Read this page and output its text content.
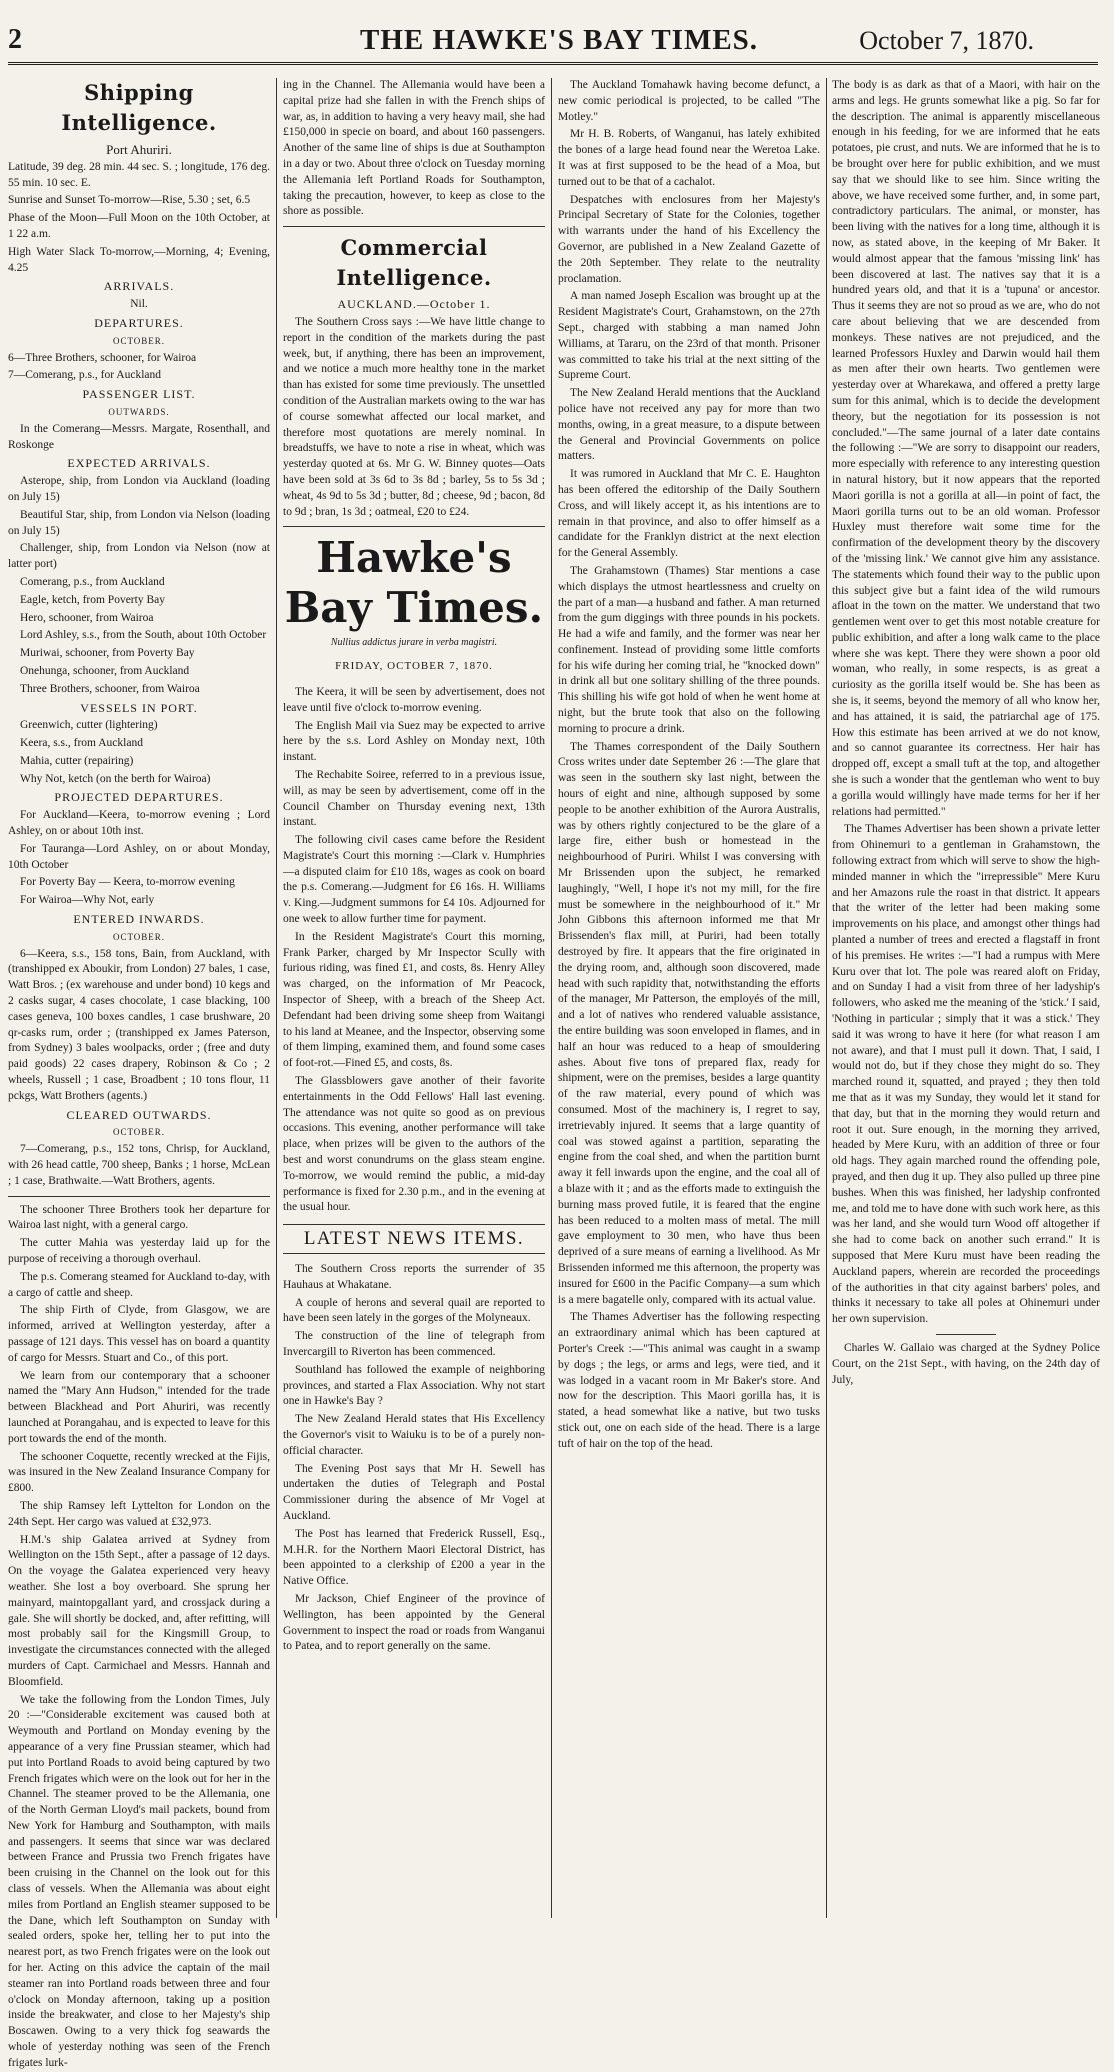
2	THE HAWKE'S BAY TIMES.	October 7, 1870.
Shipping Intelligence.
Port Ahuriri.

Latitude, 39 deg. 28 min. 44 sec. S. ; longitude, 176 deg. 55 min. 10 sec. E.

Sunrise and Sunset To-morrow—Rise, 5.30 ; set, 6.5

Phase of the Moon—Full Moon on the 10th October, at 1 22 a.m.

High Water Slack To-morrow,—Morning, 4; Evening, 4.25

ARRIVALS.
Nil.
DEPARTURES.
OCTOBER.

6—Three Brothers, schooner, for Wairoa

7—Comerang, p.s., for Auckland

PASSENGER LIST.
OUTWARDS.

In the Comerang—Messrs. Margate, Rosenthall, and Roskonge

EXPECTED ARRIVALS.

Asterope, ship, from London via Auckland (loading on July 15)

Beautiful Star, ship, from London via Nelson (loading on July 15)

Challenger, ship, from London via Nelson (now at latter port)

Comerang, p.s., from Auckland

Eagle, ketch, from Poverty Bay

Hero, schooner, from Wairoa

Lord Ashley, s.s., from the South, about 10th October

Muriwai, schooner, from Poverty Bay

Onehunga, schooner, from Auckland

Three Brothers, schooner, from Wairoa

VESSELS IN PORT.

Greenwich, cutter (lightering)

Keera, s.s., from Auckland

Mahia, cutter (repairing)

Why Not, ketch (on the berth for Wairoa)

PROJECTED DEPARTURES.

For Auckland—Keera, to-morrow evening ; Lord Ashley, on or about 10th inst.

For Tauranga—Lord Ashley, on or about Monday, 10th October

For Poverty Bay — Keera, to-morrow evening

For Wairoa—Why Not, early

ENTERED INWARDS.
OCTOBER.

6—Keera, s.s., 158 tons, Bain, from Auckland, with (transhipped ex Aboukir, from London) 27 bales, 1 case, Watt Bros. ; (ex warehouse and under bond) 10 kegs and 2 casks sugar, 4 cases chocolate, 1 case blacking, 100 cases geneva, 100 boxes candles, 1 case brushware, 20 qr-casks rum, order ; (transhipped ex James Paterson, from Sydney) 3 bales woolpacks, order ; (free and duty paid goods) 22 cases drapery, Robinson & Co ; 2 wheels, Russell ; 1 case, Broadbent ; 10 tons flour, 11 pckgs, Watt Brothers (agents.)

CLEARED OUTWARDS.
OCTOBER.

7—Comerang, p.s., 152 tons, Chrisp, for Auckland, with 26 head cattle, 700 sheep, Banks ; 1 horse, McLean ; 1 case, Brathwaite.—Watt Brothers, agents.

The schooner Three Brothers took her departure for Wairoa last night, with a general cargo.

The cutter Mahia was yesterday laid up for the purpose of receiving a thorough overhaul.

The p.s. Comerang steamed for Auckland to-day, with a cargo of cattle and sheep.

The ship Firth of Clyde, from Glasgow, we are informed, arrived at Wellington yesterday, after a passage of 121 days. This vessel has on board a quantity of cargo for Messrs. Stuart and Co., of this port.

We learn from our contemporary that a schooner named the "Mary Ann Hudson," intended for the trade between Blackhead and Port Ahuriri, was recently launched at Porangahau, and is expected to leave for this port towards the end of the month.

The schooner Coquette, recently wrecked at the Fijis, was insured in the New Zealand Insurance Company for £800.

The ship Ramsey left Lyttelton for London on the 24th Sept. Her cargo was valued at £32,973.

H.M.'s ship Galatea arrived at Sydney from Wellington on the 15th Sept., after a passage of 12 days. On the voyage the Galatea experienced very heavy weather. She lost a boy overboard. She sprung her mainyard, maintopgallant yard, and crossjack during a gale. She will shortly be docked, and, after refitting, will most probably sail for the Kingsmill Group, to investigate the circumstances connected with the alleged murders of Capt. Carmichael and Messrs. Hannah and Bloomfield.

We take the following from the London Times, July 20 :—"Considerable excitement was caused both at Weymouth and Portland on Monday evening by the appearance of a very fine Prussian steamer, which had put into Portland Roads to avoid being captured by two French frigates which were on the look out for her in the Channel. The steamer proved to be the Allemania, one of the North German Lloyd's mail packets, bound from New York for Hamburg and Southampton, with mails and passengers. It seems that since war was declared between France and Prussia two French frigates have been cruising in the Channel on the look out for this class of vessels. When the Allemania was about eight miles from Portland an English steamer supposed to be the Dane, which left Southampton on Sunday with sealed orders, spoke her, telling her to put into the nearest port, as two French frigates were on the look out for her. Acting on this advice the captain of the mail steamer ran into Portland roads between three and four o'clock on Monday afternoon, taking up a position inside the breakwater, and close to her Majesty's ship Boscawen. Owing to a very thick fog seawards the whole of yesterday nothing was seen of the French frigates lurk-

ing in the Channel. The Allemania would have been a capital prize had she fallen in with the French ships of war, as, in addition to having a very heavy mail, she had £150,000 in specie on board, and about 160 passengers. Another of the same line of ships is due at Southampton in a day or two. About three o'clock on Tuesday morning the Allemania left Portland Roads for Southampton, taking the precaution, however, to keep as close to the shore as possible.

Commercial Intelligence.
AUCKLAND.—October 1.

The Southern Cross says :—We have little change to report in the condition of the markets during the past week, but, if anything, there has been an improvement, and we notice a much more healthy tone in the market than has existed for some time previously. The unsettled condition of the Australian markets owing to the war has of course somewhat affected our local market, and therefore most quotations are merely nominal. In breadstuffs, we have to note a rise in wheat, which was yesterday quoted at 6s. Mr G. W. Binney quotes—Oats have been sold at 3s 6d to 3s 8d ; barley, 5s to 5s 3d ; wheat, 4s 9d to 5s 3d ; butter, 8d ; cheese, 9d ; bacon, 8d to 9d ; bran, 1s 3d ; oatmeal, £20 to £24.

Hawke's Bay Times.
Nullius addictus jurare in verba magistri.
FRIDAY, OCTOBER 7, 1870.

The Keera, it will be seen by advertisement, does not leave until five o'clock to-morrow evening.

The English Mail via Suez may be expected to arrive here by the s.s. Lord Ashley on Monday next, 10th instant.

The Rechabite Soiree, referred to in a previous issue, will, as may be seen by advertisement, come off in the Council Chamber on Thursday evening next, 13th instant.

The following civil cases came before the Resident Magistrate's Court this morning :—Clark v. Humphries—a disputed claim for £10 18s, wages as cook on board the p.s. Comerang.—Judgment for £6 16s. H. Williams v. King.—Judgment summons for £4 10s. Adjourned for one week to allow further time for payment.

In the Resident Magistrate's Court this morning, Frank Parker, charged by Mr Inspector Scully with furious riding, was fined £1, and costs, 8s. Henry Alley was charged, on the information of Mr Peacock, Inspector of Sheep, with a breach of the Sheep Act. Defendant had been driving some sheep from Waitangi to his land at Meanee, and the Inspector, observing some of them limping, examined them, and found some cases of foot-rot.—Fined £5, and costs, 8s.

The Glassblowers gave another of their favorite entertainments in the Odd Fellows' Hall last evening. The attendance was not quite so good as on previous occasions. This evening, another performance will take place, when prizes will be given to the authors of the best and worst conundrums on the glass steam engine. To-morrow, we would remind the public, a mid-day performance is fixed for 2.30 p.m., and in the evening at the usual hour.

LATEST NEWS ITEMS.

The Southern Cross reports the surrender of 35 Hauhaus at Whakatane.

A couple of herons and several quail are reported to have been seen lately in the gorges of the Molyneaux.

The construction of the line of telegraph from Invercargill to Riverton has been commenced.

Southland has followed the example of neighboring provinces, and started a Flax Association. Why not start one in Hawke's Bay ?

The New Zealand Herald states that His Excellency the Governor's visit to Waiuku is to be of a purely non-official character.

The Evening Post says that Mr H. Sewell has undertaken the duties of Telegraph and Postal Commissioner during the absence of Mr Vogel at Auckland.

The Post has learned that Frederick Russell, Esq., M.H.R. for the Northern Maori Electoral District, has been appointed to a clerkship of £200 a year in the Native Office.

Mr Jackson, Chief Engineer of the province of Wellington, has been appointed by the General Government to inspect the road or roads from Wanganui to Patea, and to report generally on the same.

The Auckland Tomahawk having become defunct, a new comic periodical is projected, to be called "The Motley."

Mr H. B. Roberts, of Wanganui, has lately exhibited the bones of a large head found near the Weretoa Lake. It was at first supposed to be the head of a Moa, but turned out to be that of a cachalot.

Despatches with enclosures from her Majesty's Principal Secretary of State for the Colonies, together with warrants under the hand of his Excellency the Governor, are published in a New Zealand Gazette of the 20th September. They relate to the neutrality proclamation.

A man named Joseph Escalion was brought up at the Resident Magistrate's Court, Grahamstown, on the 27th Sept., charged with stabbing a man named John Williams, at Tararu, on the 23rd of that month. Prisoner was committed to take his trial at the next sitting of the Supreme Court.

The New Zealand Herald mentions that the Auckland police have not received any pay for more than two months, owing, in a great measure, to a dispute between the General and Provincial Governments on police matters.

It was rumored in Auckland that Mr C. E. Haughton has been offered the editorship of the Daily Southern Cross, and will likely accept it, as his intentions are to remain in that province, and also to offer himself as a candidate for the Franklyn district at the next election for the General Assembly.

The Grahamstown (Thames) Star mentions a case which displays the utmost heartlessness and cruelty on the part of a man—a husband and father. A man returned from the gum diggings with three pounds in his pockets. He had a wife and family, and the former was near her confinement. Instead of providing some little comforts for his wife during her coming trial, he "knocked down" in drink all but one solitary shilling of the three pounds. This shilling his wife got hold of when he went home at night, but the brute took that also on the following morning to procure a drink.

The Thames correspondent of the Daily Southern Cross writes under date September 26 :—The glare that was seen in the southern sky last night, between the hours of eight and nine, although supposed by some people to be another exhibition of the Aurora Australis, was by others rightly conjectured to be the glare of a large fire, either bush or homestead in the neighbourhood of Puriri. Whilst I was conversing with Mr Brissenden upon the subject, he remarked laughingly, "Well, I hope it's not my mill, for the fire must be somewhere in the neighbourhood of it." Mr John Gibbons this afternoon informed me that Mr Brissenden's flax mill, at Puriri, had been totally destroyed by fire. It appears that the fire originated in the drying room, and, although soon discovered, made head with such rapidity that, notwithstanding the efforts of the manager, Mr Patterson, the employés of the mill, and a lot of natives who rendered valuable assistance, the entire building was soon enveloped in flames, and in half an hour was reduced to a heap of smouldering ashes. About five tons of prepared flax, ready for shipment, were on the premises, besides a large quantity of the raw material, every pound of which was consumed. Most of the machinery is, I regret to say, irretrievably injured. It seems that a large quantity of coal was stowed against a partition, separating the engine from the coal shed, and when the partition burnt away it fell inwards upon the engine, and the coal all of a blaze with it ; and as the efforts made to extinguish the burning mass proved futile, it is feared that the engine has been reduced to a molten mass of metal. The mill gave employment to 30 men, who have thus been deprived of a sure means of earning a livelihood. As Mr Brissenden informed me this afternoon, the property was insured for £600 in the Pacific Company—a sum which is a mere bagatelle only, compared with its actual value.

The Thames Advertiser has the following respecting an extraordinary animal which has been captured at Porter's Creek :—"This animal was caught in a swamp by dogs ; the legs, or arms and legs, were tied, and it was lodged in a vacant room in Mr Baker's store. And now for the description. This Maori gorilla has, it is stated, a head somewhat like a native, but two tusks stick out, one on each side of the head. There is a large tuft of hair on the top of the head.

The body is as dark as that of a Maori, with hair on the arms and legs. He grunts somewhat like a pig. So far for the description. The animal is apparently miscellaneous enough in his feeding, for we are informed that he eats potatoes, pie crust, and nuts. We are informed that he is to be brought over here for public exhibition, and we must say that we should like to see him. Since writing the above, we have received some further, and, in some part, contradictory particulars. The animal, or monster, has been living with the natives for a long time, although it is now, as stated above, in the keeping of Mr Baker. It would almost appear that the famous 'missing link' has been discovered at last. The natives say that it is a hundred years old, and that it is a 'tupuna' or ancestor. Thus it seems they are not so proud as we are, who do not care about believing that we are descended from monkeys. These natives are not prejudiced, and the learned Professors Huxley and Darwin would hail them as men after their own hearts. Two gentlemen were yesterday over at Wharekawa, and offered a pretty large sum for this animal, which is to decide the development theory, but the negotiation for its possession is not concluded."—The same journal of a later date contains the following :—"We are sorry to disappoint our readers, more especially with reference to any interesting question in natural history, but it now appears that the reported Maori gorilla is not a gorilla at all—in point of fact, the Maori gorilla turns out to be an old woman. Professor Huxley must therefore wait some time for the confirmation of the development theory by the discovery of the 'missing link.' We cannot give him any assistance. The statements which found their way to the public upon this subject give but a faint idea of the wild rumours afloat in the town on the matter. We understand that two gentlemen went over to get this most notable creature for public exhibition, and after a long walk came to the place where she was kept. There they were shown a poor old woman, who really, in some respects, is as great a curiosity as the gorilla itself would be. She has been as she is, it seems, beyond the memory of all who know her, and has attained, it is said, the patriarchal age of 175. How this estimate has been arrived at we do not know, and so cannot guarantee its correctness. Her hair has dropped off, except a small tuft at the top, and altogether she is such a wonder that the gentleman who went to buy a gorilla would willingly have made terms for her if her relations had permitted."

The Thames Advertiser has been shown a private letter from Ohinemuri to a gentleman in Grahamstown, the following extract from which will serve to show the high-minded manner in which the "irrepressible" Mere Kuru and her Amazons rule the roast in that district. It appears that the writer of the letter had been making some improvements on his place, and amongst other things had planted a number of trees and erected a flagstaff in front of his premises. He writes :—"I had a rumpus with Mere Kuru over that lot. The pole was reared aloft on Friday, and on Sunday I had a visit from three of her ladyship's followers, who asked me the meaning of the 'stick.' I said, 'Nothing in particular ; simply that it was a stick.' They said it was wrong to have it here (for what reason I am not aware), and that I must pull it down. That, I said, I would not do, but if they chose they might do so. They marched round it, squatted, and prayed ; they then told me that as it was my Sunday, they would let it stand for that day, but that in the morning they would return and root it out. Sure enough, in the morning they arrived, headed by Mere Kuru, with an addition of three or four old hags. They again marched round the offending pole, prayed, and then dug it up. They also pulled up three pine bushes. When this was finished, her ladyship confronted me, and told me to have done with such work here, as this was her land, and she would turn Wood off altogether if she had to come back on another such errand." It is supposed that Mere Kuru must have been reading the Auckland papers, wherein are recorded the proceedings of the authorities in that city against barbers' poles, and thinks it necessary to take all poles at Ohinemuri under her own supervision.

Charles W. Gallaio was charged at the Sydney Police Court, on the 21st Sept., with having, on the 24th day of July,
